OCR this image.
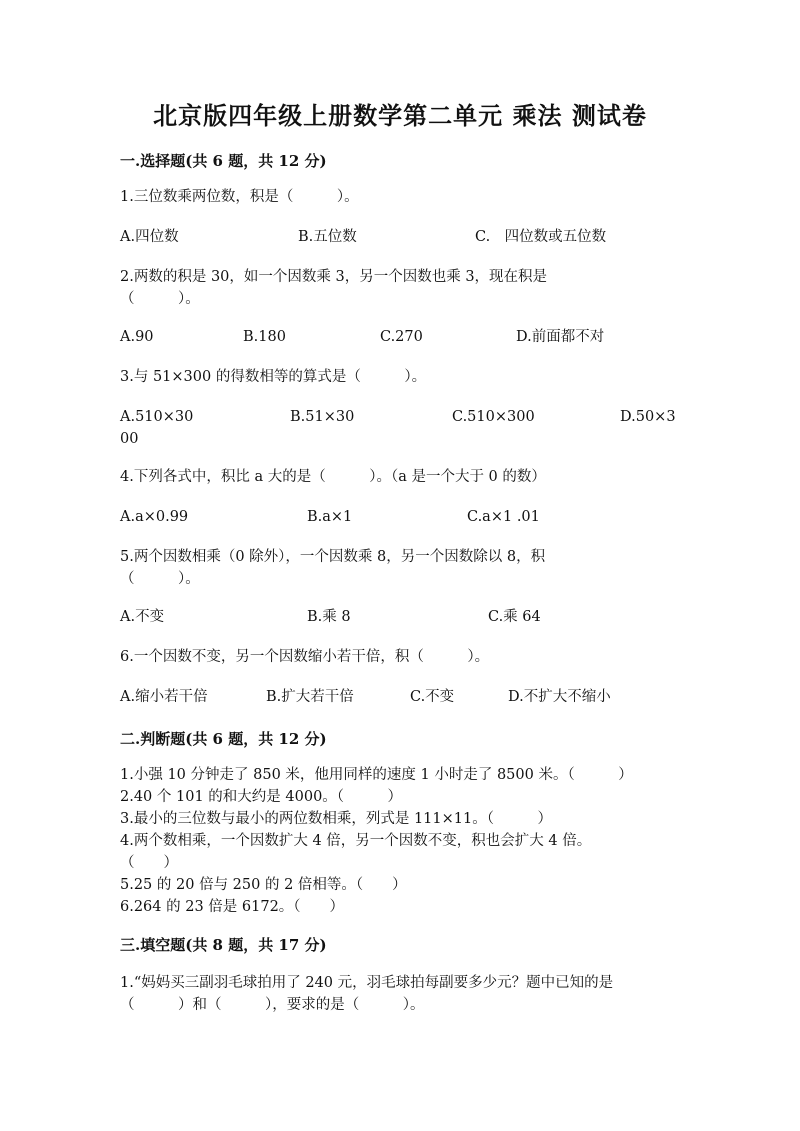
北京版四年级上册数学第二单元 乘法 测试卷

一.选择题(共 6 题，共 12 分)

1.三位数乘两位数，积是（　　　）。

A.四位数	B.五位数	C.　四位数或五位数

2.两数的积是 30，如一个因数乘 3，另一个因数也乘 3，现在积是
（　　　）。

A.90	B.180	C.270	D.前面都不对

3.与 51×300 的得数相等的算式是（　　　）。

A.510×30	B.51×30	C.510×300	D.50×3
00

4.下列各式中，积比 a 大的是（　　　）。（a 是一个大于 0 的数）

A.a×0.99	B.a×1	C.a×1 .01

5.两个因数相乘（0 除外），一个因数乘 8，另一个因数除以 8，积
（　　　）。

A.不变	B.乘 8	C.乘 64

6.一个因数不变，另一个因数缩小若干倍，积（　　　）。

A.缩小若干倍	B.扩大若干倍	C.不变	D.不扩大不缩小

二.判断题(共 6 题，共 12 分)

1.小强 10 分钟走了 850 米，他用同样的速度 1 小时走了 8500 米。（　　　）

2.40 个 101 的和大约是 4000。（　　　）

3.最小的三位数与最小的两位数相乘，列式是 111×11。（　　　）

4.两个数相乘，一个因数扩大 4 倍，另一个因数不变，积也会扩大 4 倍。

（　　）

5.25 的 20 倍与 250 的 2 倍相等。（　　）

6.264 的 23 倍是 6172。（　　）

三.填空题(共 8 题，共 17 分)

1.“妈妈买三副羽毛球拍用了 240 元，羽毛球拍每副要多少元？题中已知的是

（　　　）和（　　　），要求的是（　　　）。
